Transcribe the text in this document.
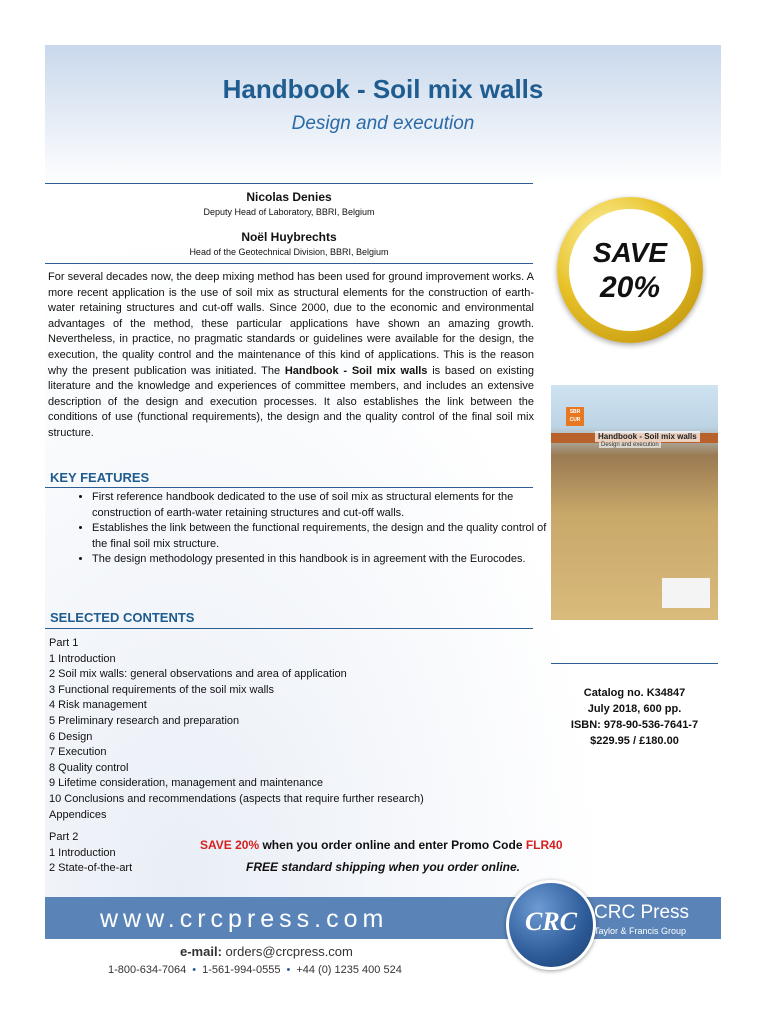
Handbook - Soil mix walls
Design and execution
Nicolas Denies
Deputy Head of Laboratory, BBRI, Belgium
Noël Huybrechts
Head of the Geotechnical Division, BBRI, Belgium
For several decades now, the deep mixing method has been used for ground improvement works. A more recent application is the use of soil mix as structural elements for the construction of earth-water retaining structures and cut-off walls. Since 2000, due to the economic and environmental advantages of the method, these particular applications have shown an amazing growth. Nevertheless, in practice, no pragmatic standards or guidelines were available for the design, the execution, the quality control and the maintenance of this kind of applications. This is the reason why the present publication was initiated. The Handbook - Soil mix walls is based on existing literature and the knowledge and experiences of committee members, and includes an extensive description of the design and execution processes. It also establishes the link between the conditions of use (functional requirements), the design and the quality control of the final soil mix structure.
KEY FEATURES
• First reference handbook dedicated to the use of soil mix as structural elements for the construction of earth-water retaining structures and cut-off walls.
• Establishes the link between the functional requirements, the design and the quality control of the final soil mix structure.
• The design methodology presented in this handbook is in agreement with the Eurocodes.
SELECTED CONTENTS
Part 1
1 Introduction
2 Soil mix walls: general observations and area of application
3 Functional requirements of the soil mix walls
4 Risk management
5 Preliminary research and preparation
6 Design
7 Execution
8 Quality control
9 Lifetime consideration, management and maintenance
10 Conclusions and recommendations (aspects that require further research)
Appendices
Part 2
1 Introduction
2 State-of-the-art
SAVE
20%
SBR CUR
Handbook - Soil mix walls
Design and execution
Catalog no. K34847
July 2018, 600 pp.
ISBN: 978-90-536-7641-7
$229.95 / £180.00
SAVE 20% when you order online and enter Promo Code FLR40
FREE standard shipping when you order online.
www.crcpress.com	CRC CRC Press
Taylor & Francis Group
e-mail: orders@crcpress.com
1-800-634-7064 • 1-561-994-0555 • +44 (0) 1235 400 524
